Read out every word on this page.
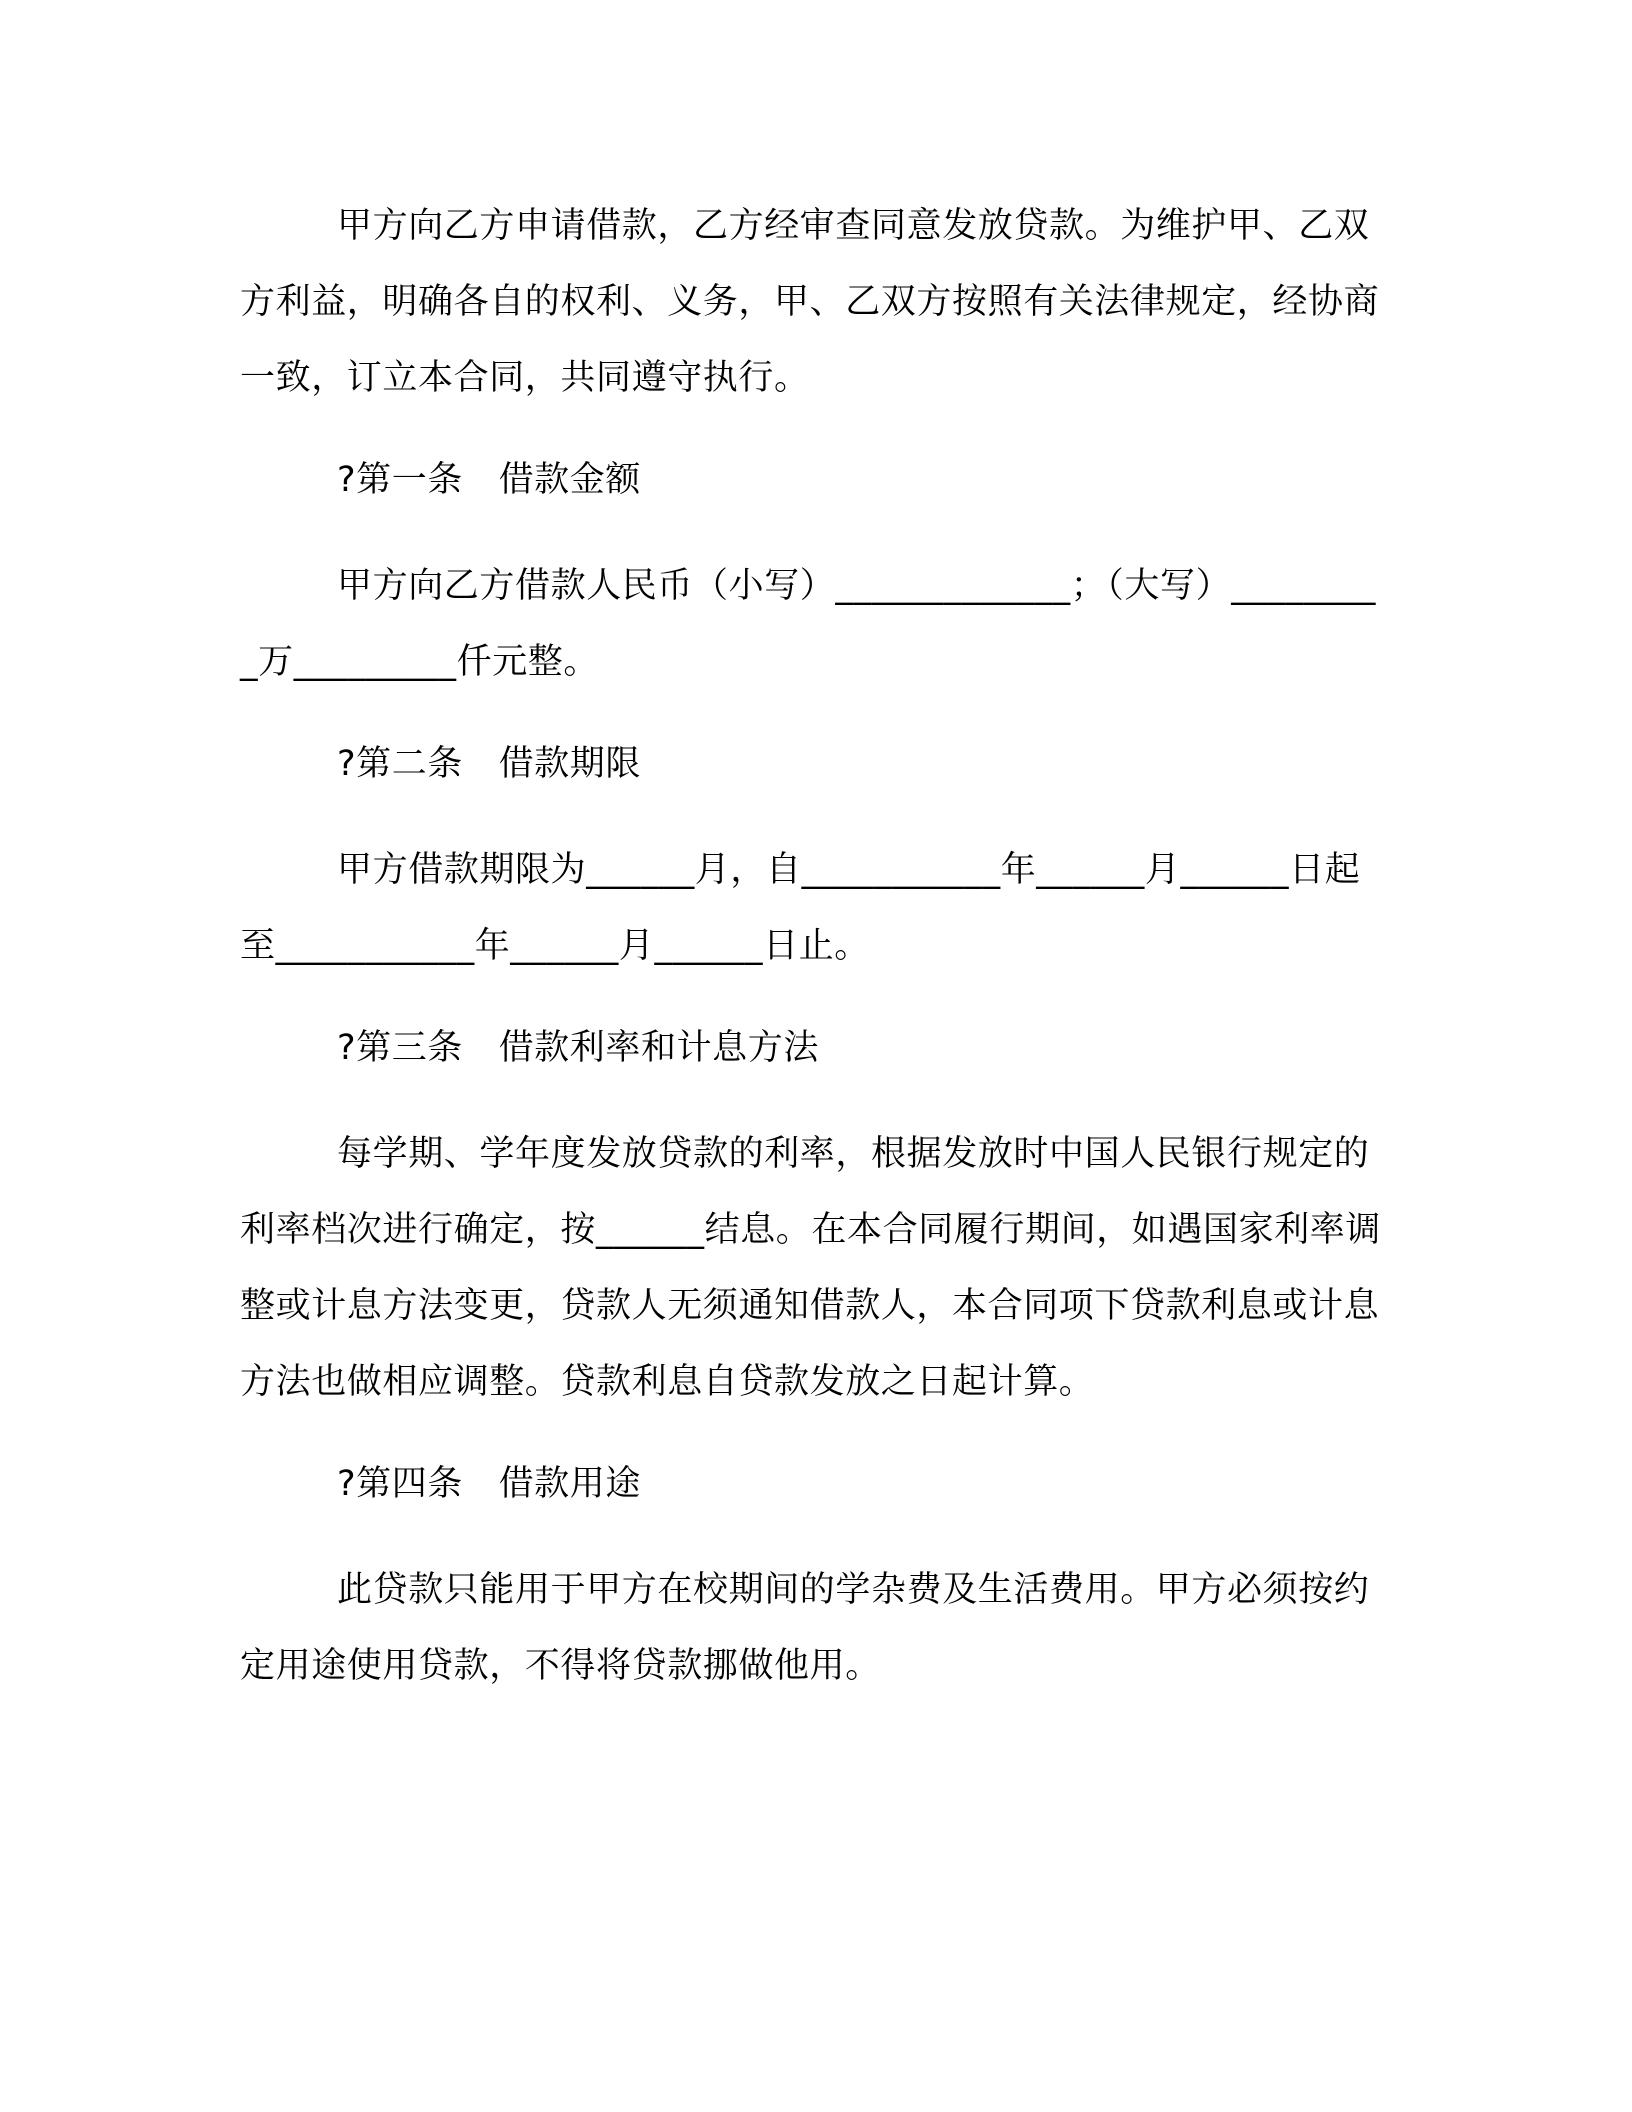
甲方向乙方申请借款，乙方经审查同意发放贷款。为维护甲、乙双方利益，明确各自的权利、义务，甲、乙双方按照有关法律规定，经协商一致，订立本合同，共同遵守执行。

?第一条　借款金额

甲方向乙方借款人民币（小写）_____________；（大写）_________万_________仟元整。

?第二条　借款期限

甲方借款期限为______月，自___________年______月______日起至___________年______月______日止。

?第三条　借款利率和计息方法

每学期、学年度发放贷款的利率，根据发放时中国人民银行规定的利率档次进行确定，按______结息。在本合同履行期间，如遇国家利率调整或计息方法变更，贷款人无须通知借款人，本合同项下贷款利息或计息方法也做相应调整。贷款利息自贷款发放之日起计算。

?第四条　借款用途

此贷款只能用于甲方在校期间的学杂费及生活费用。甲方必须按约定用途使用贷款，不得将贷款挪做他用。
